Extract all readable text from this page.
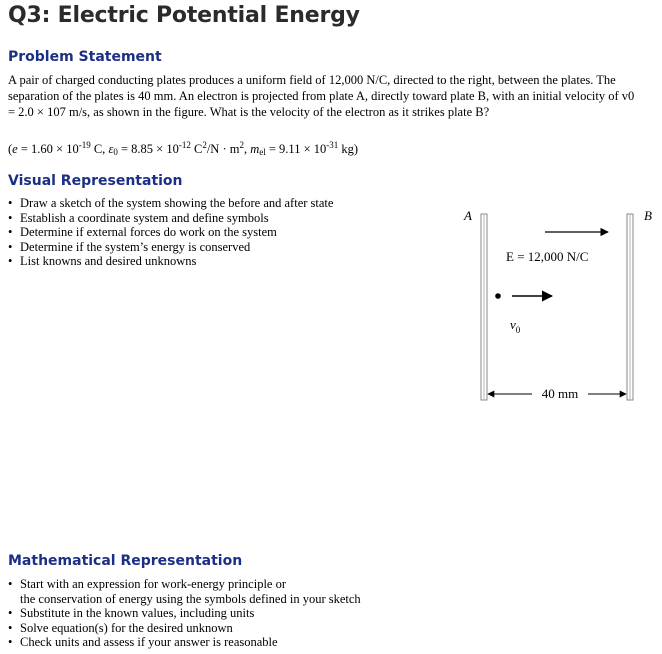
Q3: Electric Potential Energy
Problem Statement

A pair of charged conducting plates produces a uniform field of 12,000 N/C, directed to the right, between the plates. The separation of the plates is 40 mm. An electron is projected from plate A, directly toward plate B, with an initial velocity of v0 = 2.0 × 107 m/s, as shown in the figure. What is the velocity of the electron as it strikes plate B?

($e = 1.60 \times 10^{-19}$ C, $\varepsilon_0 = 8.85 \times 10^{-12}$ $C^2/N \cdot m^2$, $m_{el} = 9.11 \times 10^{-31}$ kg)
Visual Representation
• Draw a sketch of the system showing the before and after state
• Establish a coordinate system and define symbols
• Determine if external forces do work on the system
• Determine if the system’s energy is conserved
• List knowns and desired unknowns
A	B
E = 12,000 N/C
$v_0$
40 mm
Mathematical Representation
• Start with an expression for work-energy principle or
the conservation of energy using the symbols defined in your sketch
• Substitute in the known values, including units
• Solve equation(s) for the desired unknown
• Check units and assess if your answer is reasonable
